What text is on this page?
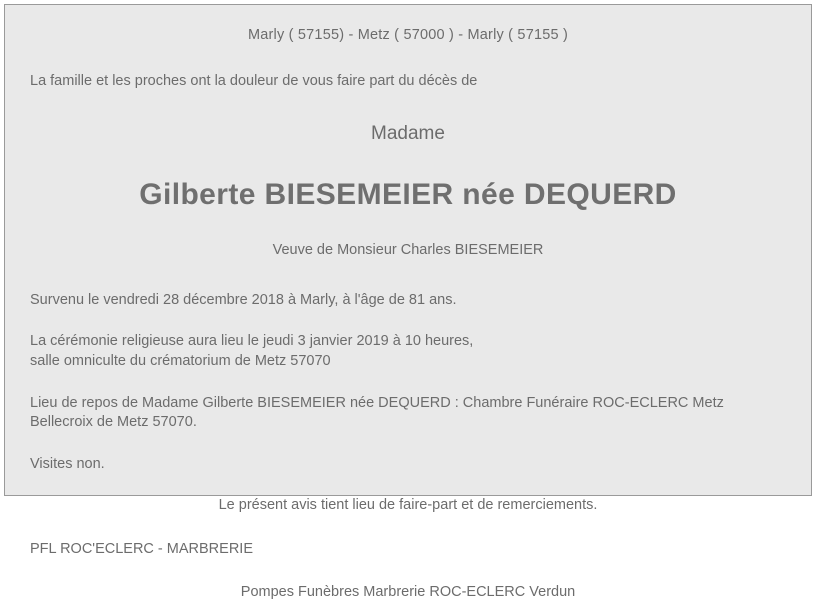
Marly ( 57155) - Metz ( 57000 ) - Marly ( 57155 )

La famille et les proches ont la douleur de vous faire part du décès de

Madame

Gilberte BIESEMEIER née DEQUERD

Veuve de Monsieur Charles BIESEMEIER

Survenu le vendredi 28 décembre 2018 à Marly, à l'âge de 81 ans.

La cérémonie religieuse aura lieu le jeudi 3 janvier 2019 à 10 heures,
salle omniculte du crématorium de Metz 57070
Lieu de repos de Madame Gilberte BIESEMEIER née DEQUERD : Chambre Funéraire ROC-ECLERC Metz
Bellecroix de Metz 57070.

Visites non.

Le présent avis tient lieu de faire-part et de remerciements.

PFL ROC'ECLERC - MARBRERIE

Pompes Funèbres Marbrerie ROC-ECLERC Verdun
